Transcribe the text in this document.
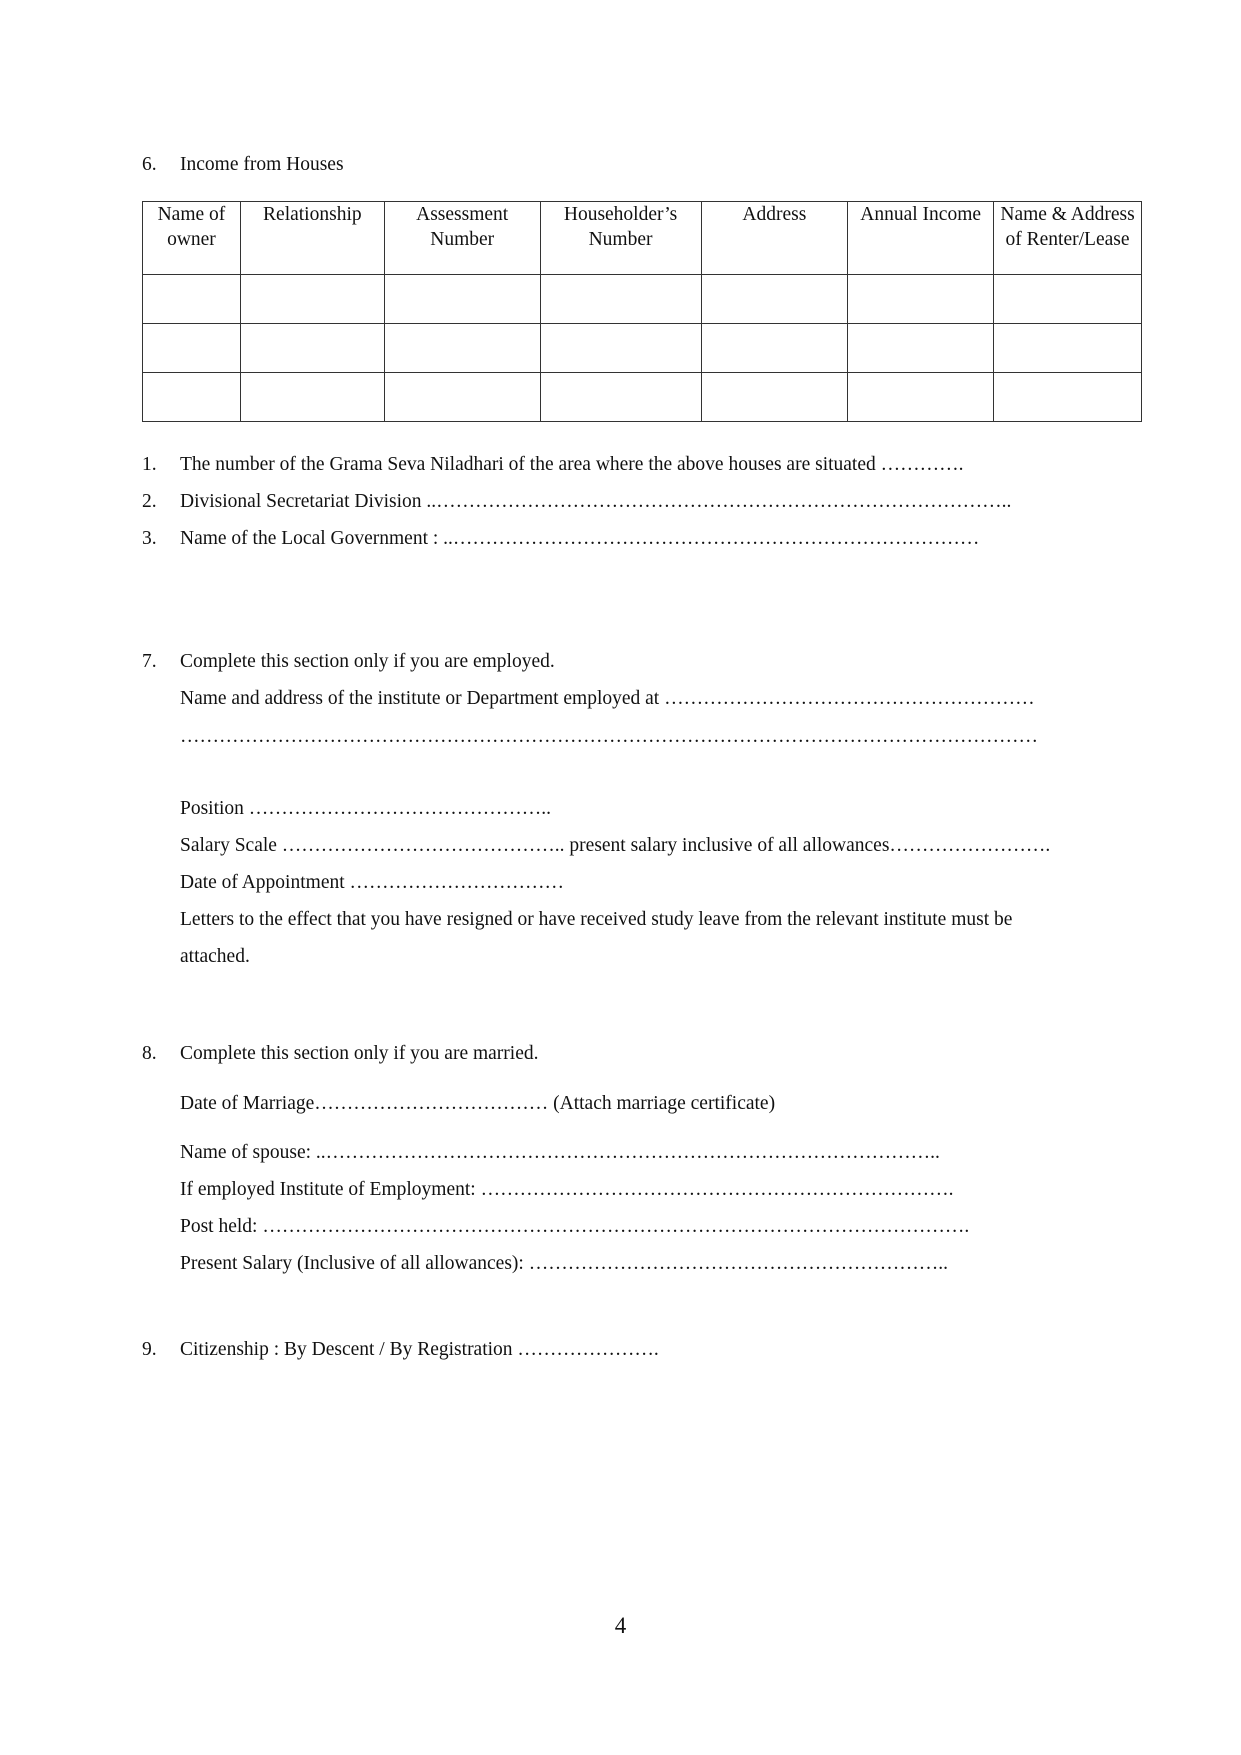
6. Income from Houses
Name of owner	Relationship	Assessment Number	Householder’s Number	Address	Annual Income	Name & Address of Renter/Lease

1. The number of the Grama Seva Niladhari of the area where the above houses are situated ………….
2. Divisional Secretariat Division ..……………………………………………………………………………..
3. Name of the Local Government : ..………………………………………………………………………
7. Complete this section only if you are employed.
Name and address of the institute or Department employed at …………………………………………………
……………………………………………………………………………………………………………………
Position ………………………………………..
Salary Scale …………………………………….. present salary inclusive of all allowances…………………….
Date of Appointment ……………………………
Letters to the effect that you have resigned or have received study leave from the relevant institute must be
attached.
8. Complete this section only if you are married.
Date of Marriage……………………………… (Attach marriage certificate)
Name of spouse: ..…………………………………………………………………………………..
If employed Institute of Employment: ……………………………………………………………….
Post held: ……………………………………………………………………………………………….
Present Salary (Inclusive of all allowances): ………………………………………………………..
9. Citizenship : By Descent / By Registration ………………….
4
